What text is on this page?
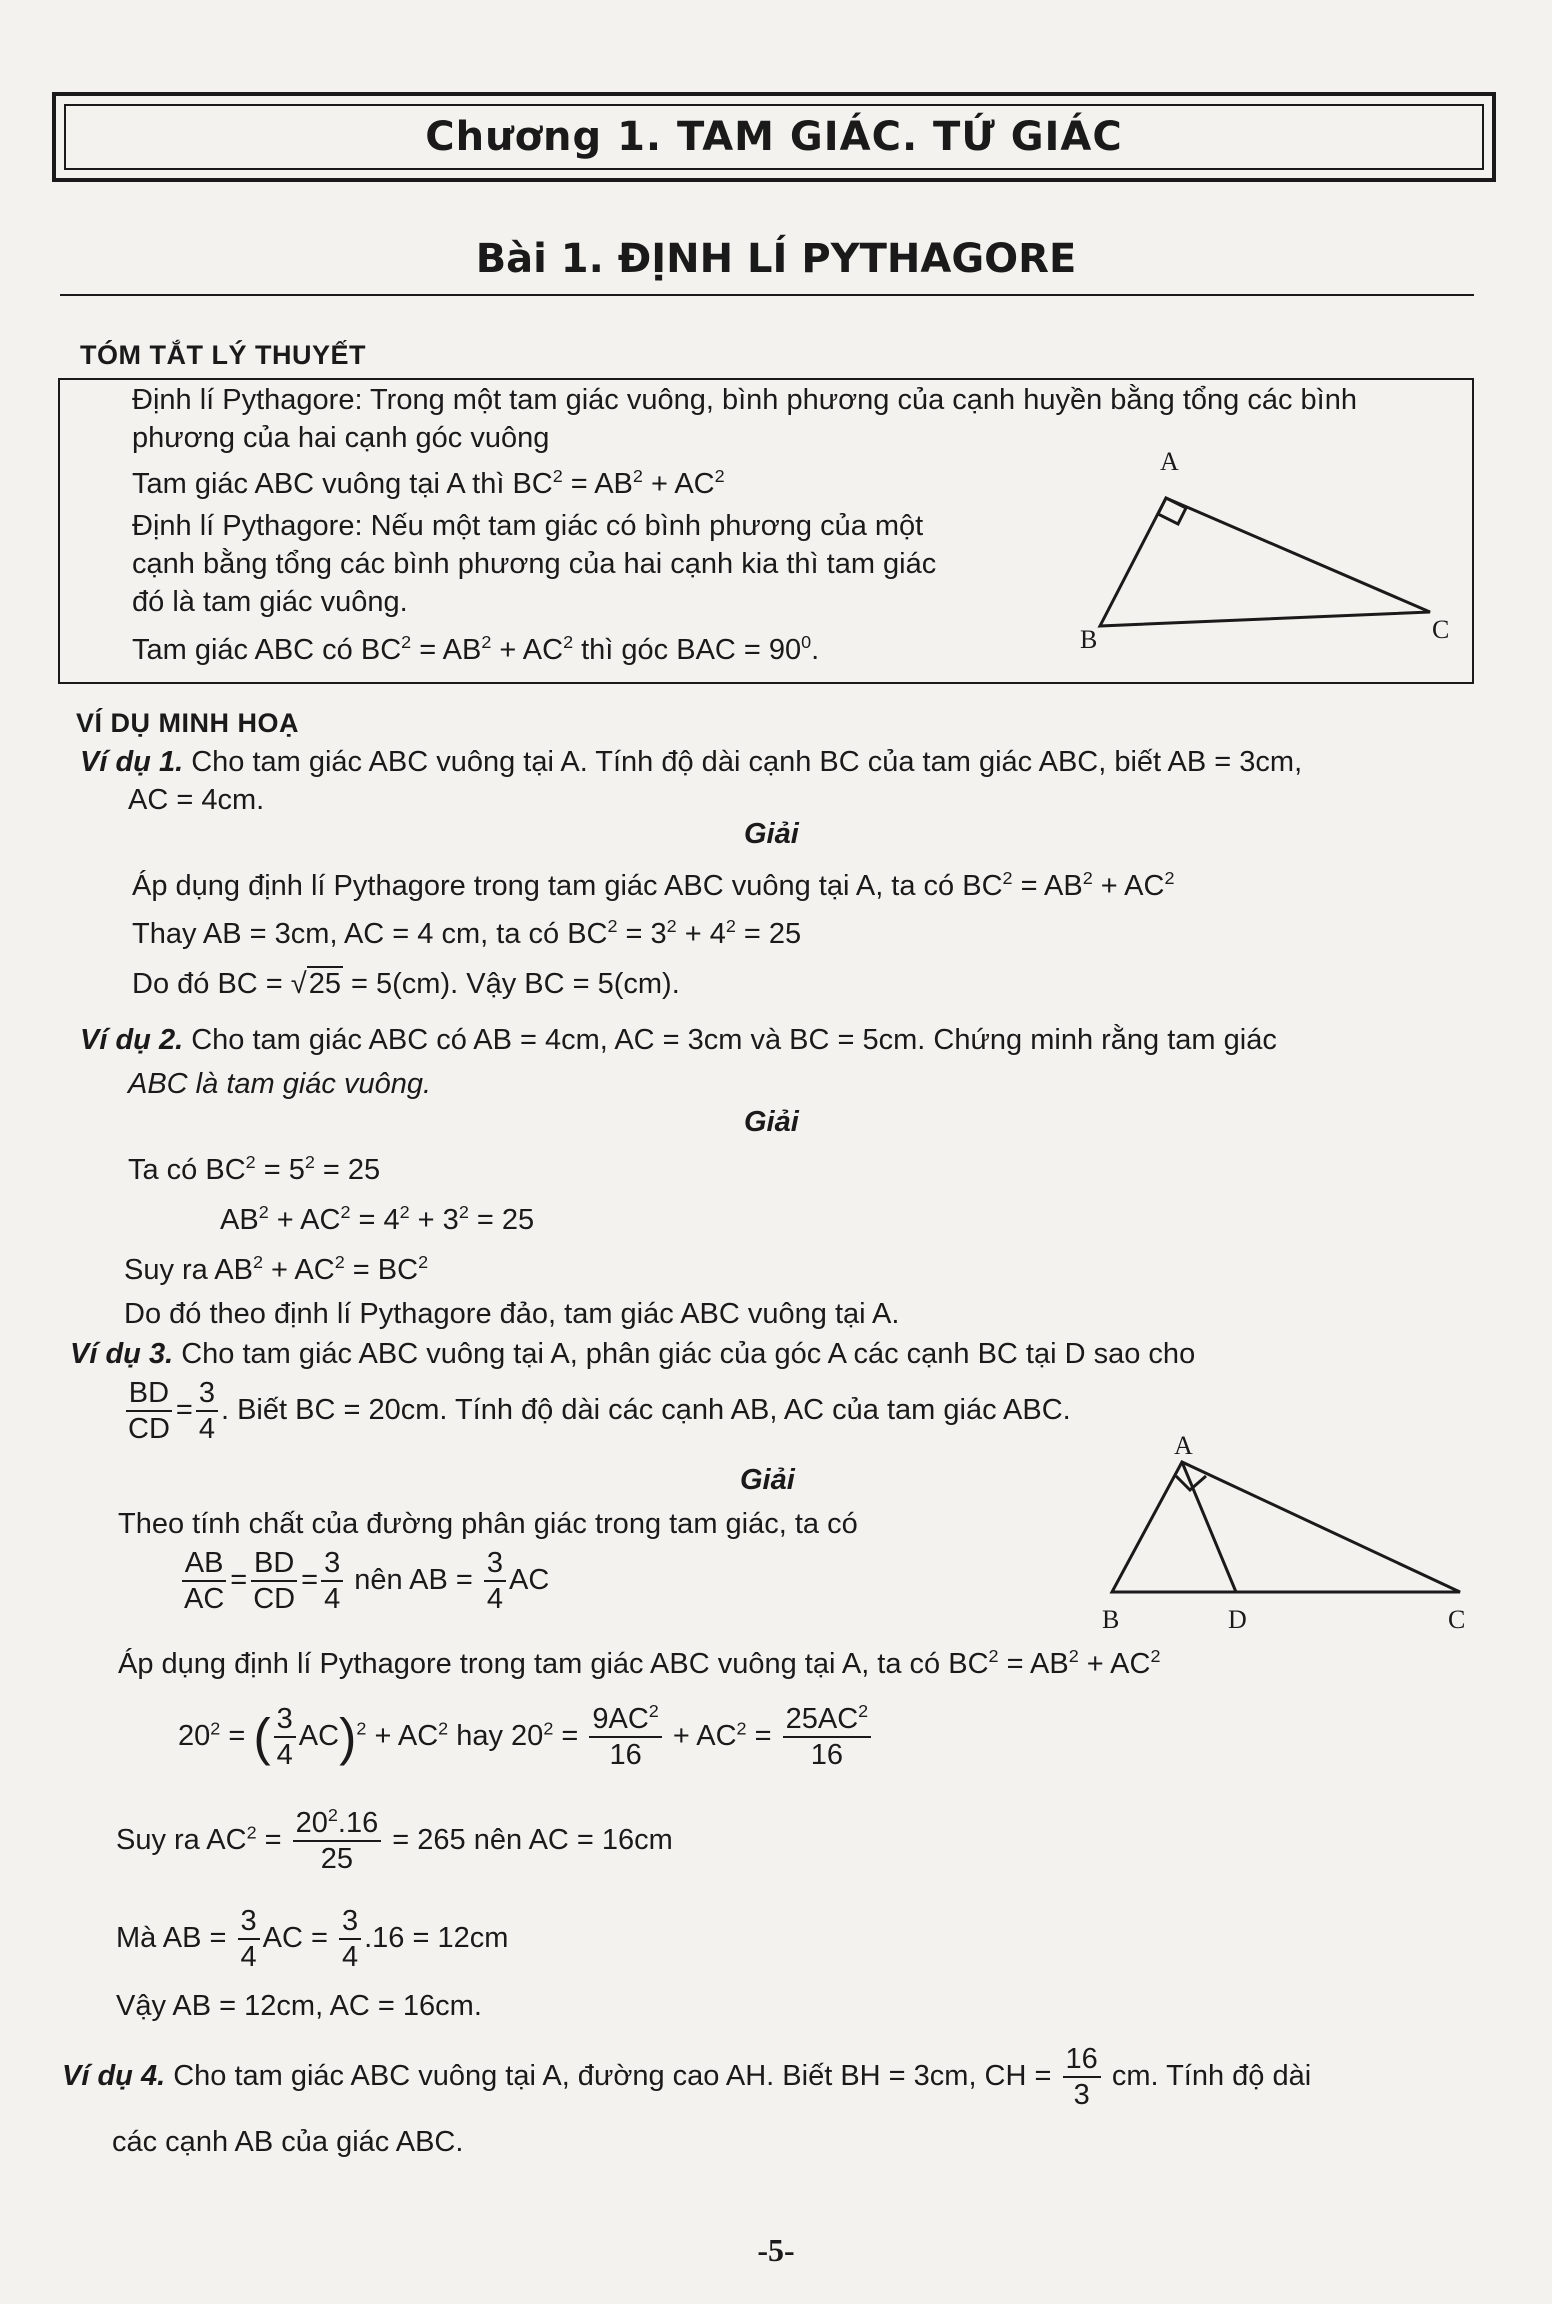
Chương 1. TAM GIÁC. TỨ GIÁC
Bài 1. ĐỊNH LÍ PYTHAGORE
TÓM TẮT LÝ THUYẾT
Định lí Pythagore: Trong một tam giác vuông, bình phương của cạnh huyền bằng tổng các bình
phương của hai cạnh góc vuông
Tam giác ABC vuông tại A thì $BC^2 = AB^2 + AC^2$
Định lí Pythagore: Nếu một tam giác có bình phương của một
cạnh bằng tổng các bình phương của hai cạnh kia thì tam giác
đó là tam giác vuông.
Tam giác ABC có $BC^2 = AB^2 + AC^2$ thì góc BAC = $90^0$.
A
B	C
VÍ DỤ MINH HOẠ
Ví dụ 1. Cho tam giác ABC vuông tại A. Tính độ dài cạnh BC của tam giác ABC, biết AB = 3cm,
AC = 4cm.
Giải
Áp dụng định lí Pythagore trong tam giác ABC vuông tại A, ta có $BC^2 = AB^2 + AC^2$
Thay AB = 3cm, AC = 4 cm, ta có $BC^2 = 3^2 + 4^2 = 25$
Do đó BC = √25 = 5(cm). Vậy BC = 5(cm).
Ví dụ 2. Cho tam giác ABC có AB = 4cm, AC = 3cm và BC = 5cm. Chứng minh rằng tam giác
ABC là tam giác vuông.
Giải
Ta có $BC^2 = 5^2 = 25$
$AB^2 + AC^2 = 4^2 + 3^2 = 25$
Suy ra $AB^2 + AC^2 = BC^2$
Do đó theo định lí Pythagore đảo, tam giác ABC vuông tại A.
Ví dụ 3. Cho tam giác ABC vuông tại A, phân giác của góc A các cạnh BC tại D sao cho
$\frac{BD}{CD} = \frac{3}{4}$ . Biết BC = 20cm. Tính độ dài các cạnh AB, AC của tam giác ABC.
Giải
Theo tính chất của đường phân giác trong tam giác, ta có
$\frac{AB}{AC} = \frac{BD}{CD} = \frac{3}{4}$ nên AB = $\frac{3}{4}$ AC
Áp dụng định lí Pythagore trong tam giác ABC vuông tại A, ta có $BC^2 = AB^2 + AC^2$
$20^2$ = ( $\frac{3}{4} AC)^2 + AC^2$ hay $20^2 = \frac{9AC^2}{16} + AC^2 = \frac{25AC^2}{16}$
Suy ra $AC^2 = \frac{20^2.16}{25} = 265$ nên AC = 16cm
Mà AB = $\frac{3}{4}$ AC = $\frac{3}{4} .16 = 12cm$
Vậy AB = 12cm, AC = 16cm.
A
B	D	C
Ví dụ 4. Cho tam giác ABC vuông tại A, đường cao AH. Biết BH = 3cm, CH = $\frac{16}{3}$ cm. Tính độ dài
các cạnh AB của giác ABC.
-5-
